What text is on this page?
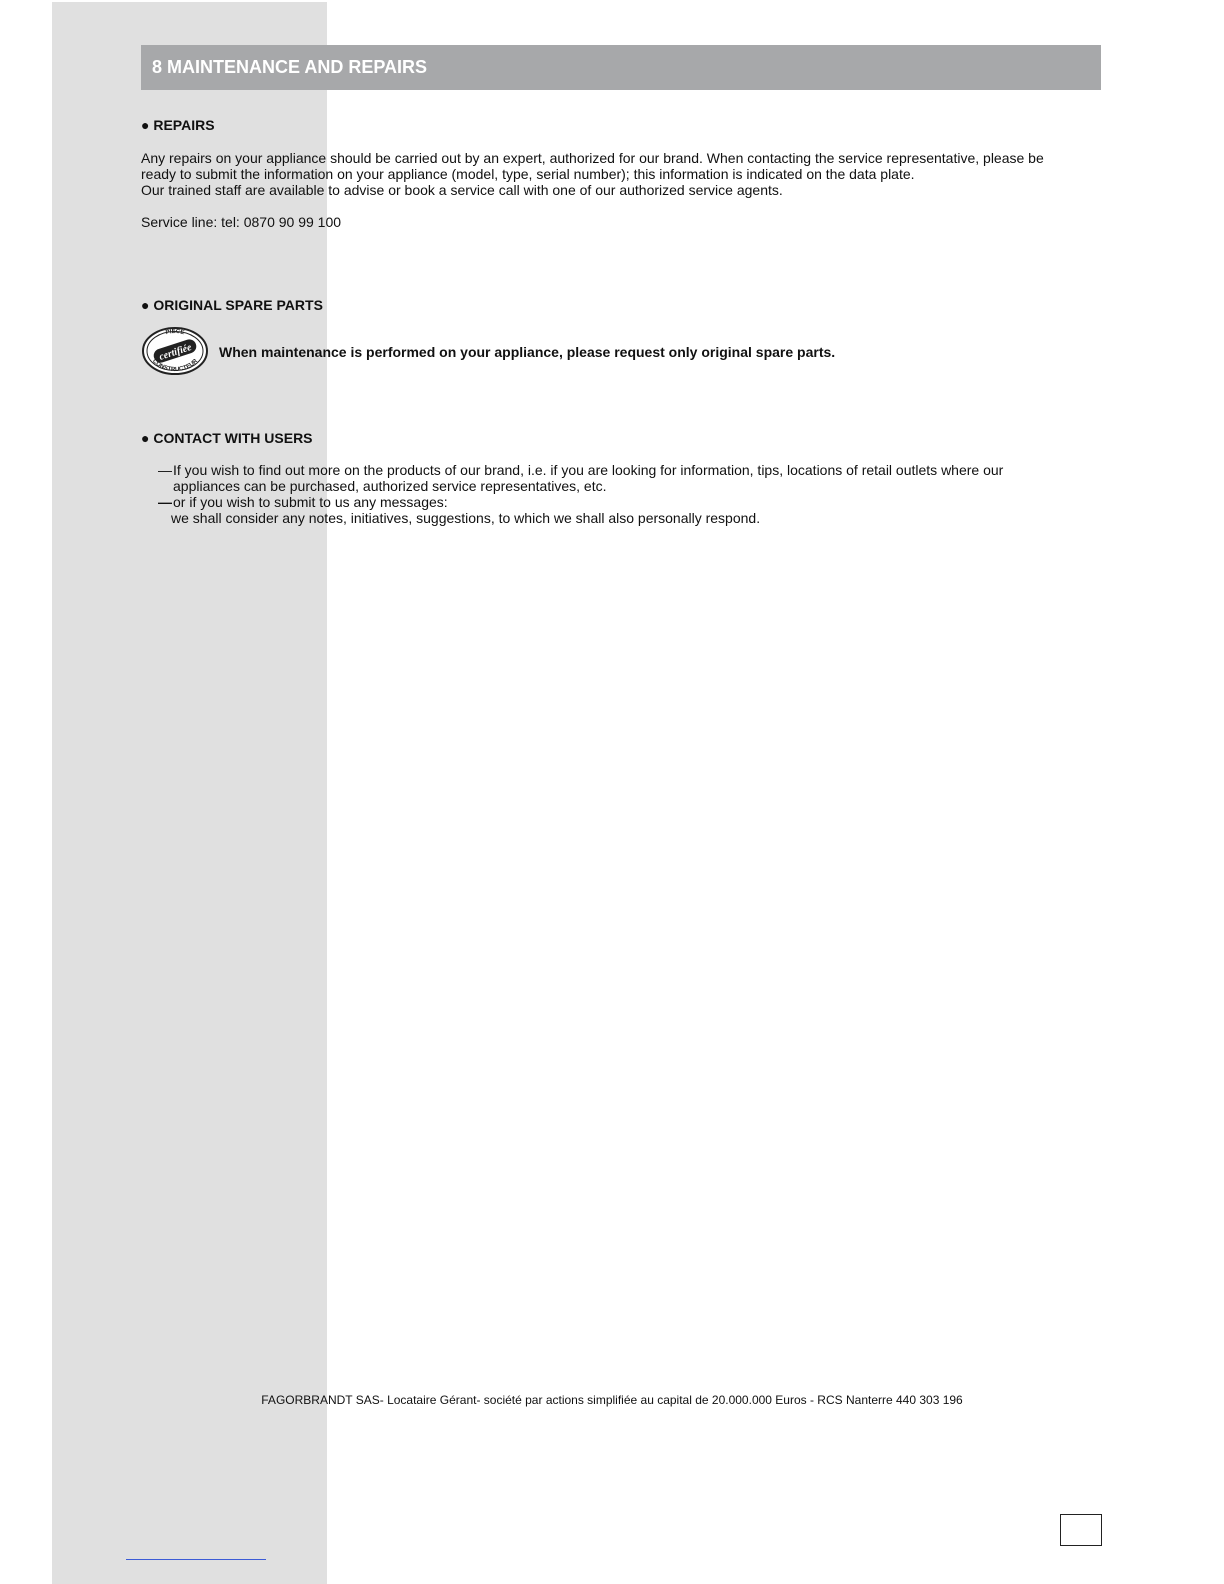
8 MAINTENANCE AND REPAIRS
● REPAIRS
Any repairs on your appliance should be carried out by an expert, authorized for our brand. When contacting the service representative, please be
ready to submit the information on your appliance (model, type, serial number); this information is indicated on the data plate.
Our trained staff are available to advise or book a service call with one of our authorized service agents.
Service line: tel: 0870 90 99 100
● ORIGINAL SPARE PARTS
PIECE
certifiée
CONSTRUCTEUR
When maintenance is performed on your appliance, please request only original spare parts.
● CONTACT WITH USERS
—If you wish to find out more on the products of our brand, i.e. if you are looking for information, tips, locations of retail outlets where our
appliances can be purchased, authorized service representatives, etc.
—or if you wish to submit to us any messages:
we shall consider any notes, initiatives, suggestions, to which we shall also personally respond.
FAGORBRANDT SAS- Locataire Gérant- société par actions simplifiée au capital de 20.000.000 Euros - RCS Nanterre 440 303 196
